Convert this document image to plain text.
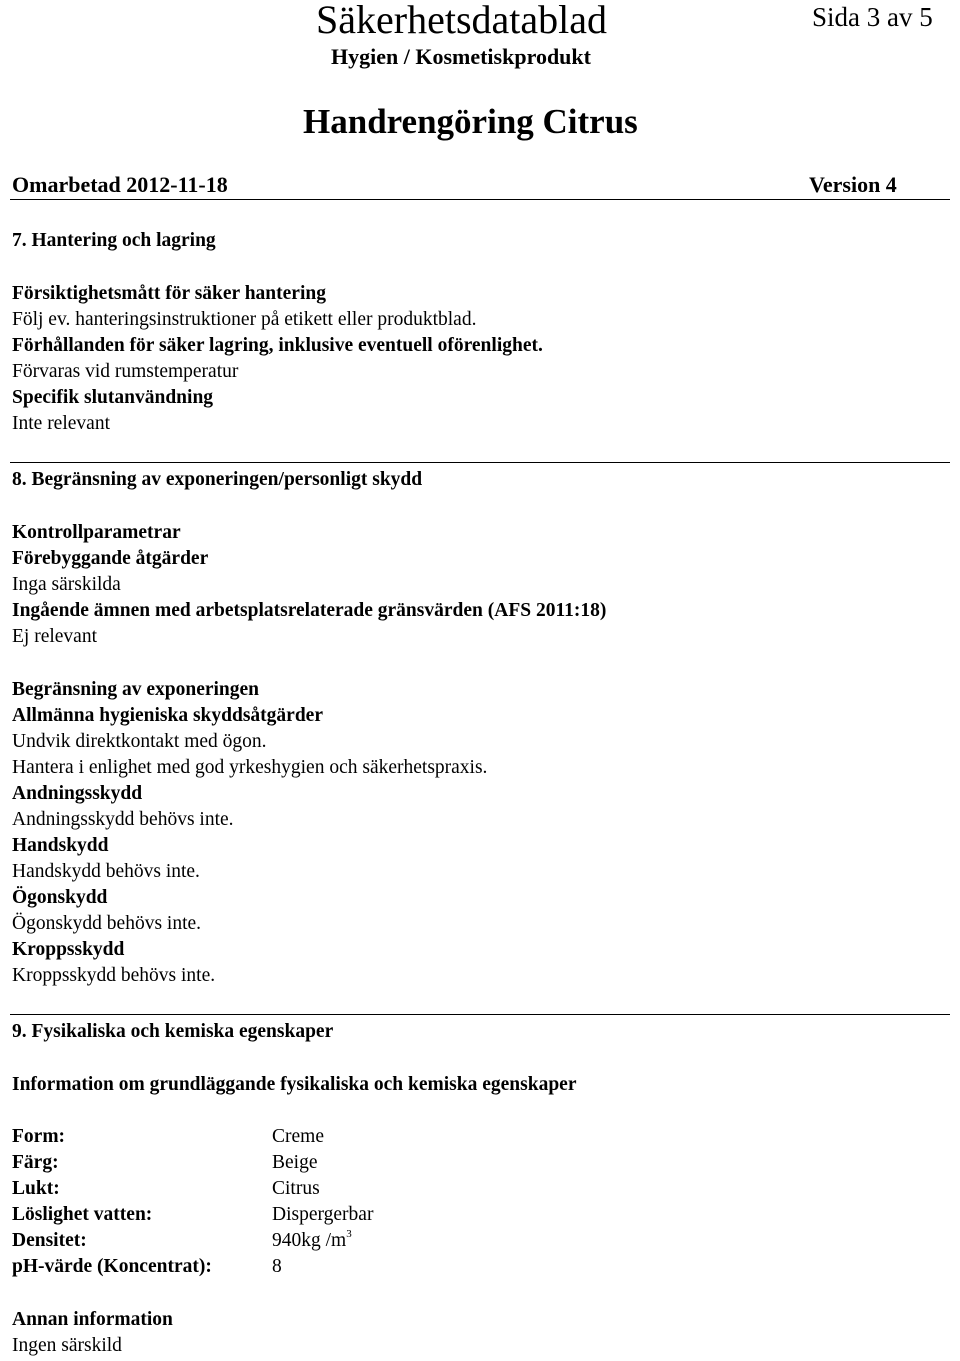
Säkerhetsdatablad	Sida 3 av 5
Hygien / Kosmetiskprodukt
Handrengöring Citrus
Omarbetad 2012-11-18	Version 4
7. Hantering och lagring
Försiktighetsmått för säker hantering
Följ ev. hanteringsinstruktioner på etikett eller produktblad.
Förhållanden för säker lagring, inklusive eventuell oförenlighet.
Förvaras vid rumstemperatur
Specifik slutanvändning
Inte relevant
8. Begränsning av exponeringen/personligt skydd
Kontrollparametrar
Förebyggande åtgärder
Inga särskilda
Ingående ämnen med arbetsplatsrelaterade gränsvärden (AFS 2011:18)
Ej relevant
Begränsning av exponeringen
Allmänna hygieniska skyddsåtgärder
Undvik direktkontakt med ögon.
Hantera i enlighet med god yrkeshygien och säkerhetspraxis.
Andningsskydd
Andningsskydd behövs inte.
Handskydd
Handskydd behövs inte.
Ögonskydd
Ögonskydd behövs inte.
Kroppsskydd
Kroppsskydd behövs inte.
9. Fysikaliska och kemiska egenskaper
Information om grundläggande fysikaliska och kemiska egenskaper
Form:	Creme
Färg:	Beige
Lukt:	Citrus
Löslighet vatten:	Dispergerbar
Densitet:	940kg $/m^3$
pH-värde (Koncentrat):	8
Annan information
Ingen särskild
